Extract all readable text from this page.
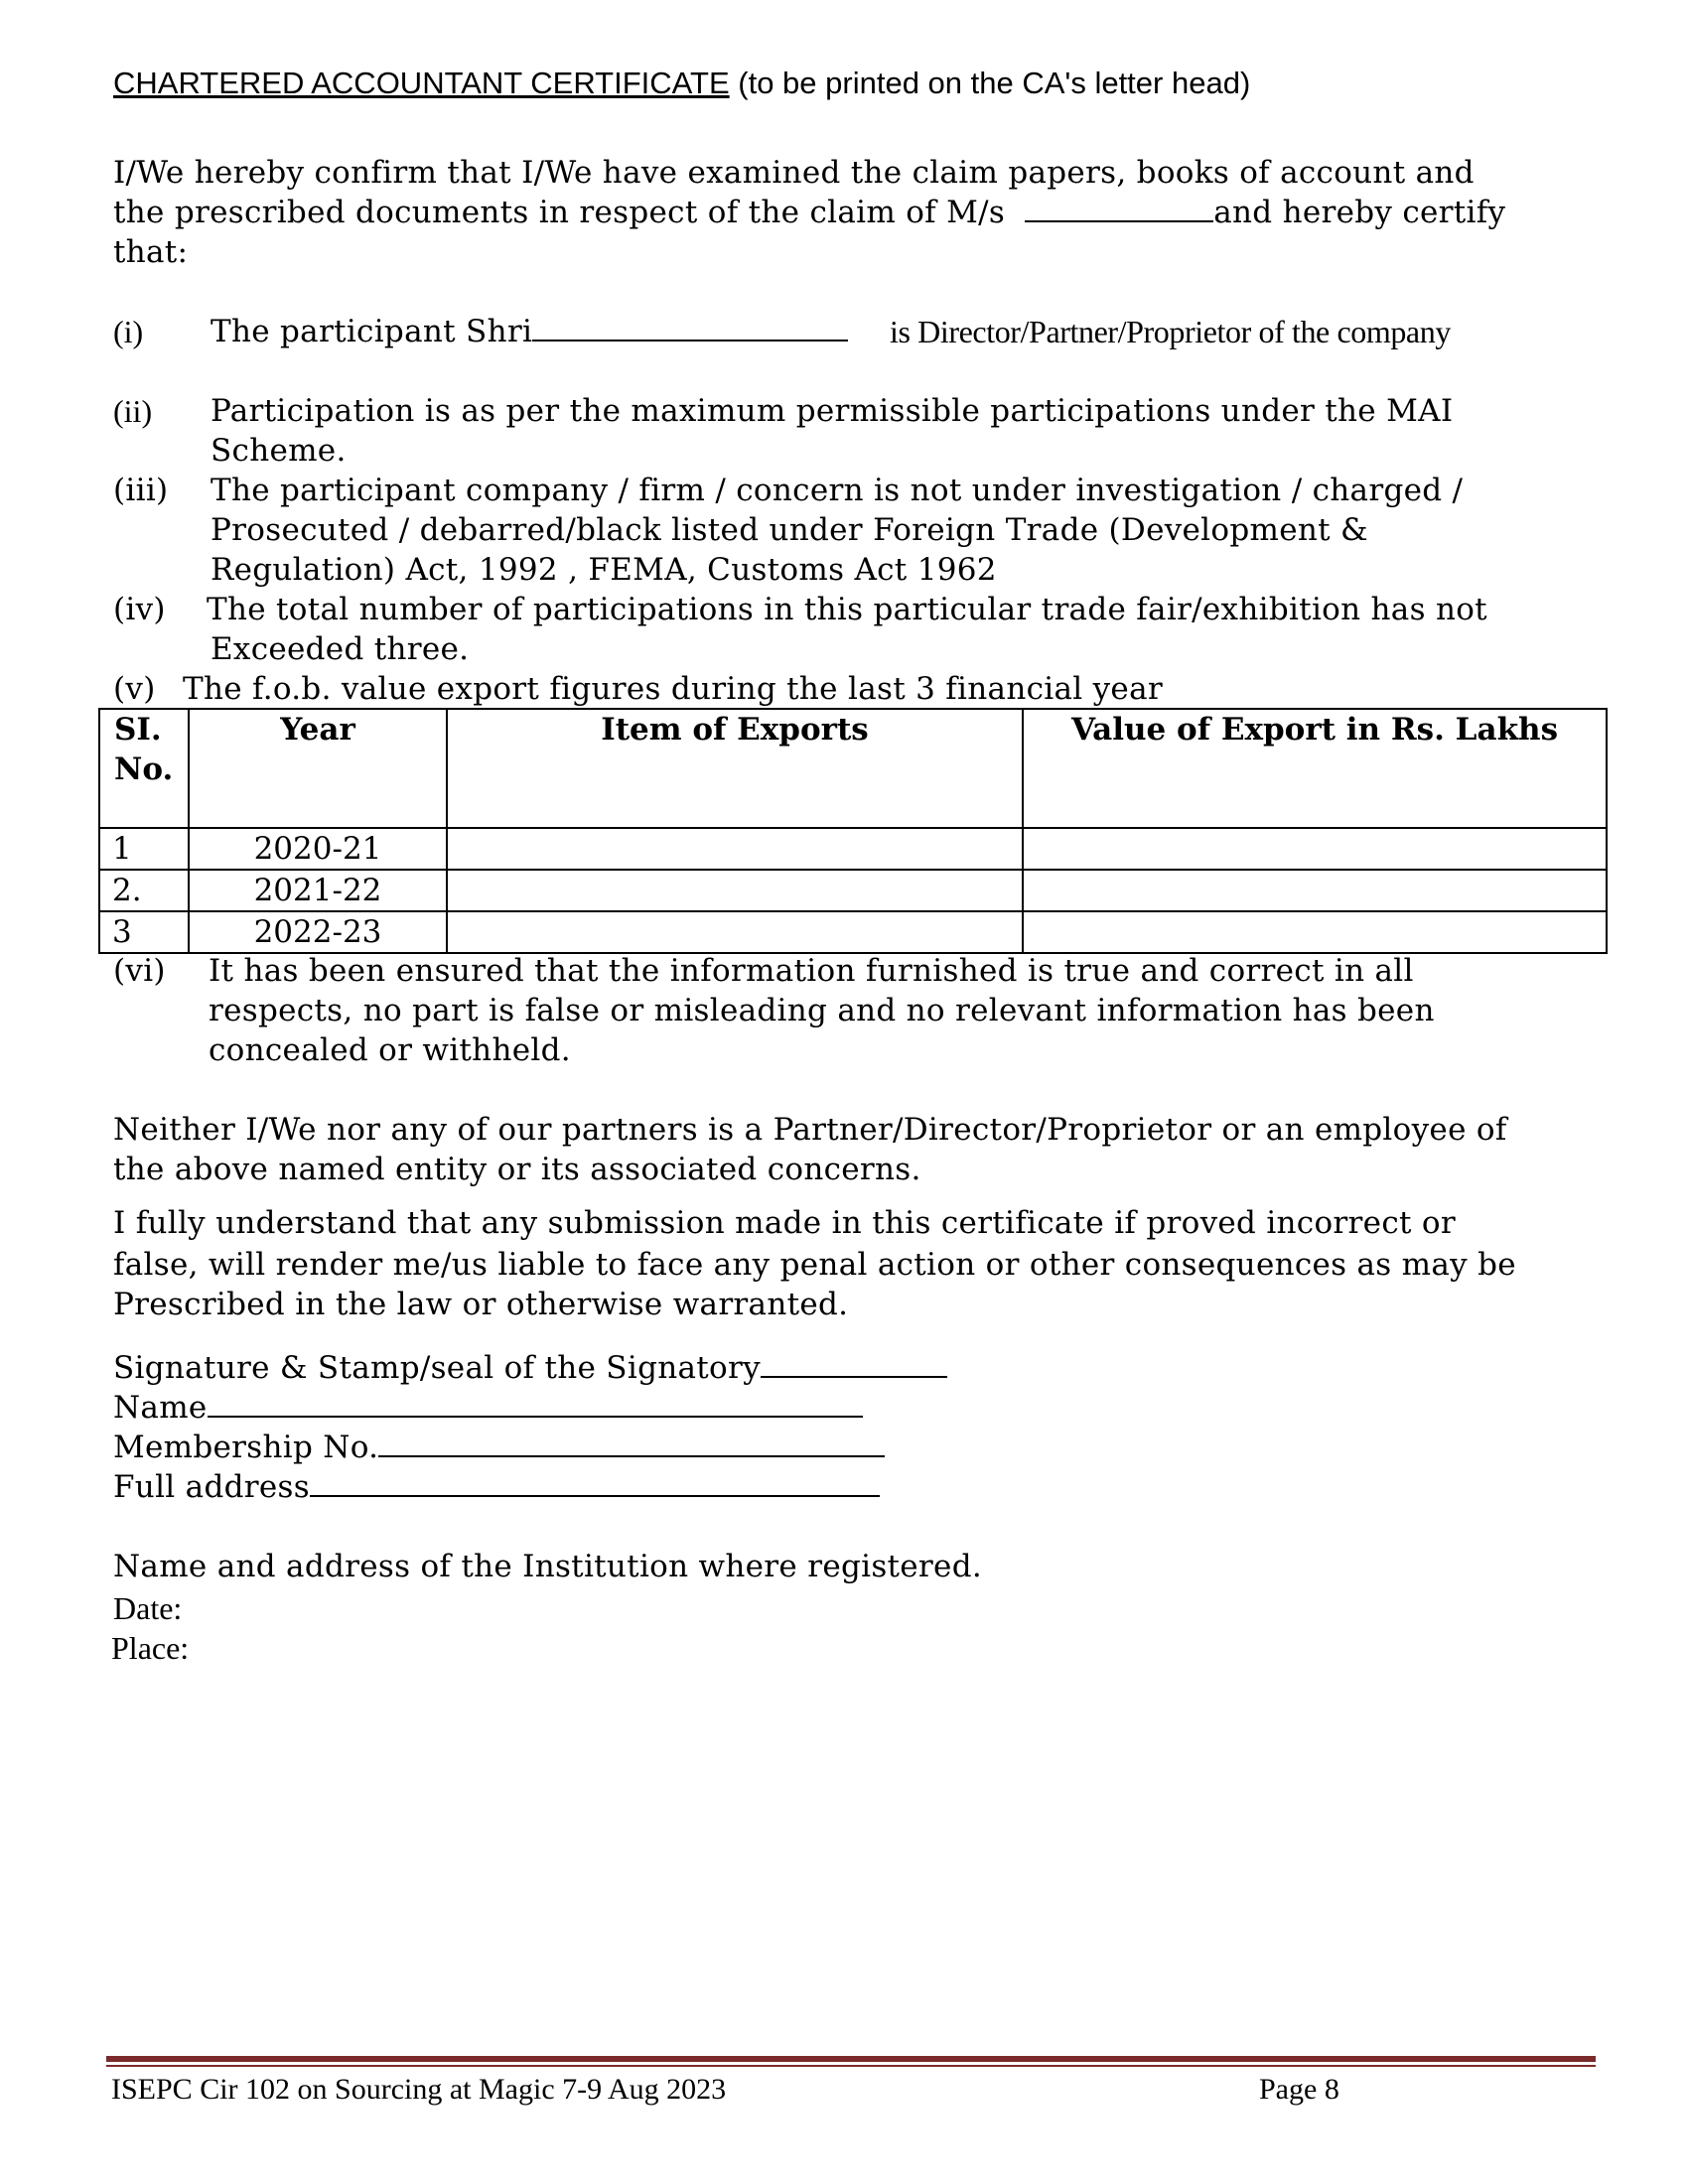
CHARTERED ACCOUNTANT CERTIFICATE (to be printed on the CA's letter head)
I/We hereby confirm that I/We have examined the claim papers, books of account and
the prescribed documents in respect of the claim of M/s	and hereby certify
that:
(i) The participant Shri	is Director/Partner/Proprietor of the company
(ii) Participation is as per the maximum permissible participations under the MAI
Scheme.
(iii) The participant company / firm / concern is not under investigation / charged /
Prosecuted / debarred/black listed under Foreign Trade (Development &
Regulation) Act, 1992 , FEMA, Customs Act 1962
(iv) The total number of participations in this particular trade fair/exhibition has not
Exceeded three.
(v) The f.o.b. value export figures during the last 3 financial year
SI. No.	Year	Item of Exports	Value of Export in Rs. Lakhs
1	2020-21		
2.	2021-22		
3	2022-23		
(vi) It has been ensured that the information furnished is true and correct in all
respects, no part is false or misleading and no relevant information has been
concealed or withheld.
Neither I/We nor any of our partners is a Partner/Director/Proprietor or an employee of
the above named entity or its associated concerns.
I fully understand that any submission made in this certificate if proved incorrect or
false, will render me/us liable to face any penal action or other consequences as may be
Prescribed in the law or otherwise warranted.
Signature & Stamp/seal of the Signatory
Name
Membership No.
Full address
Name and address of the Institution where registered.
Date:
Place:
ISEPC Cir 102 on Sourcing at Magic 7-9 Aug 2023	Page 8
